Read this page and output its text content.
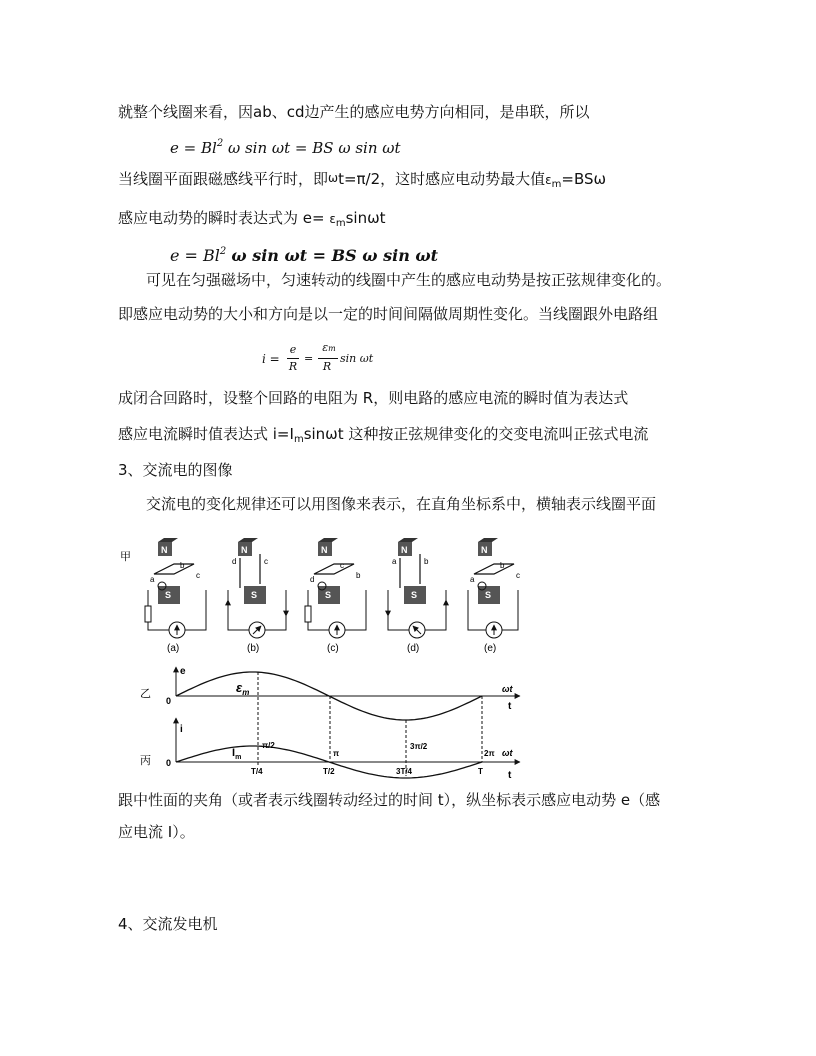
就整个线圈来看，因ab、cd边产生的感应电势方向相同，是串联，所以
$e = Bl^2$ ω sin ωt = BS ω sin ωt
当线圈平面跟磁感线平行时，即ωt=π/2，这时感应电动势最大值$\varepsilon_m=BS\omega$
感应电动势的瞬时表达式为 $e= \varepsilon_m\sin\omega t$
$e = Bl^2$ ω sin ωt = BS ω sin ωt
可见在匀强磁场中，匀速转动的线圈中产生的感应电动势是按正弦规律变化的。
即感应电动势的大小和方向是以一定的时间间隔做周期性变化。当线圈跟外电路组
i =
e
R
=
εm
R
sin ωt
成闭合回路时，设整个回路的电阻为 R，则电路的感应电流的瞬时值为表达式
感应电流瞬时值表达式 $i=I_m\sin\omega t$ 这种按正弦规律变化的交变电流叫正弦式电流
3、交流电的图像
交流电的变化规律还可以用图像来表示，在直角坐标系中，横轴表示线圈平面
甲
乙
丙
N
a
b
c
S
(a)
N
d	c
S
(b)
N
d
c
b
S
(c)
N
a	b
S
(d)
N
a
b
c
S
(e)
e
0
ωt
t
$\varepsilon_m$
i
0
ωt
t
$I_m$
π/2
π
3π/2
2π
T/4	T/2	3T/4	T
跟中性面的夹角（或者表示线圈转动经过的时间 t），纵坐标表示感应电动势 e（感
应电流 I）。
4、交流发电机
